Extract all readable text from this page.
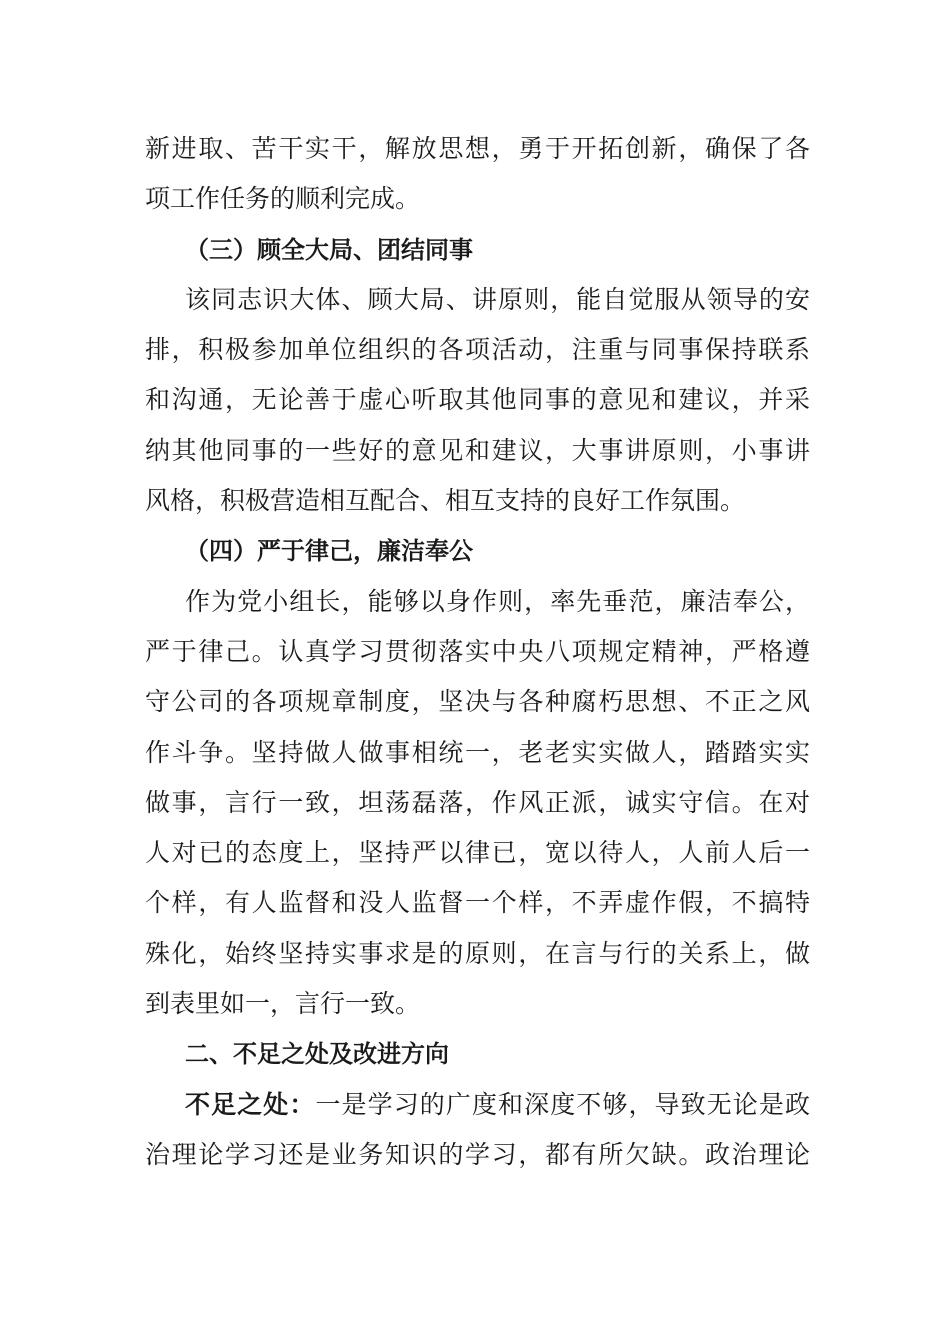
新进取、苦干实干，解放思想，勇于开拓创新，确保了各
项工作任务的顺利完成。
（三）顾全大局、团结同事
该同志识大体、顾大局、讲原则，能自觉服从领导的安
排，积极参加单位组织的各项活动，注重与同事保持联系
和沟通，无论善于虚心听取其他同事的意见和建议，并采
纳其他同事的一些好的意见和建议，大事讲原则，小事讲
风格，积极营造相互配合、相互支持的良好工作氛围。
（四）严于律己，廉洁奉公
作为党小组长，能够以身作则，率先垂范，廉洁奉公，
严于律己。认真学习贯彻落实中央八项规定精神，严格遵
守公司的各项规章制度，坚决与各种腐朽思想、不正之风
作斗争。坚持做人做事相统一，老老实实做人，踏踏实实
做事，言行一致，坦荡磊落，作风正派，诚实守信。在对
人对已的态度上，坚持严以律已，宽以待人，人前人后一
个样，有人监督和没人监督一个样，不弄虚作假，不搞特
殊化，始终坚持实事求是的原则，在言与行的关系上，做
到表里如一，言行一致。
二、不足之处及改进方向
不足之处：一是学习的广度和深度不够，导致无论是政
治理论学习还是业务知识的学习，都有所欠缺。政治理论
